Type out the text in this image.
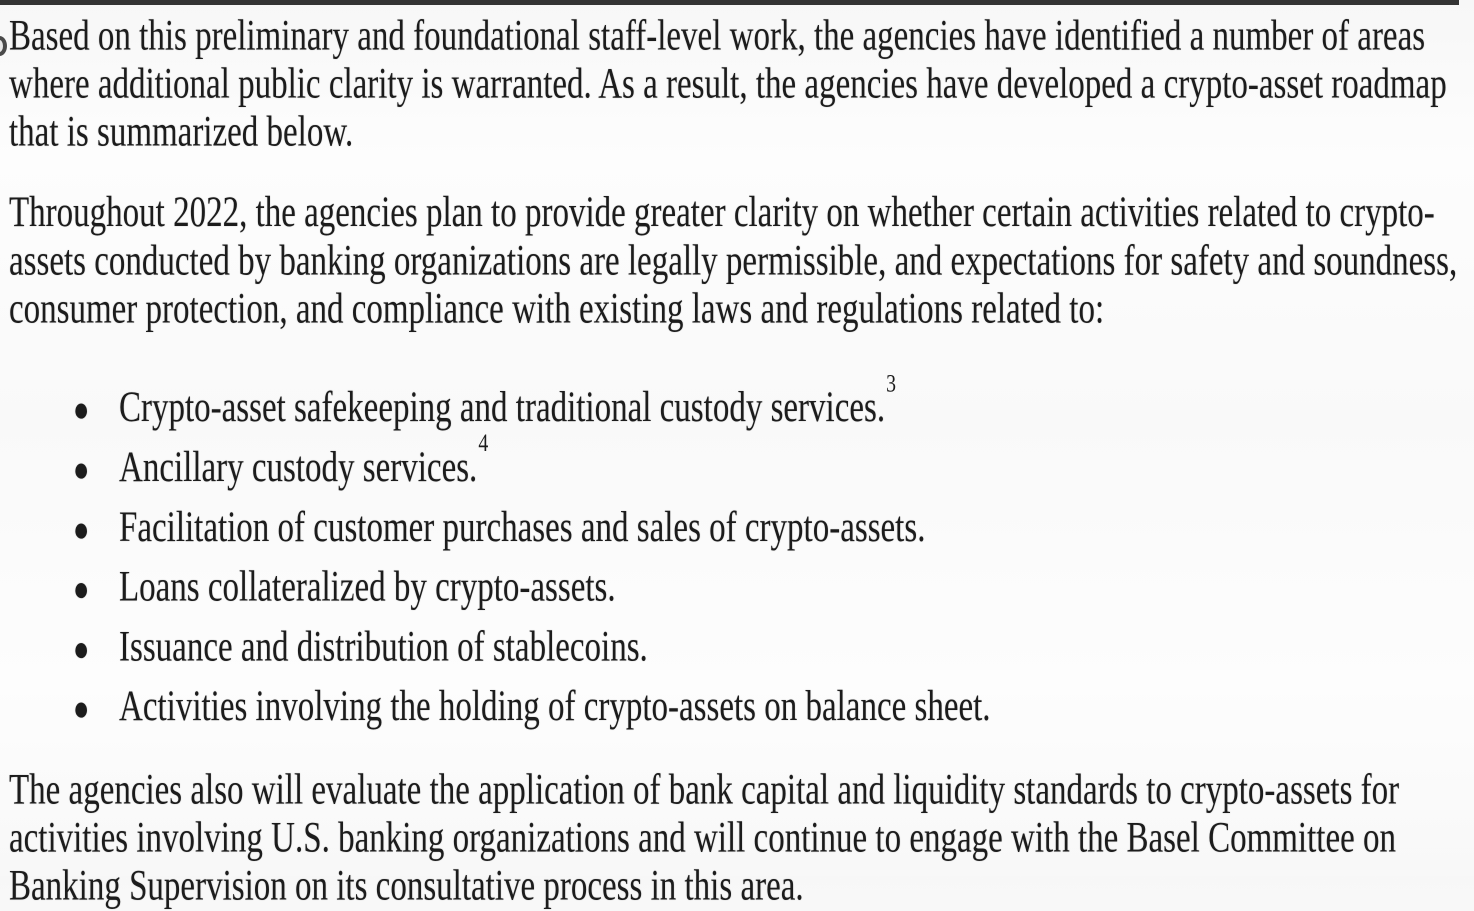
Based on this preliminary and foundational staff-level work, the agencies have identified a number of areas where additional public clarity is warranted. As a result, the agencies have developed a crypto-asset roadmap that is summarized below.

Throughout 2022, the agencies plan to provide greater clarity on whether certain activities related to crypto-assets conducted by banking organizations are legally permissible, and expectations for safety and soundness, consumer protection, and compliance with existing laws and regulations related to:

● Crypto-asset safekeeping and traditional custody services.$^3$
● Ancillary custody services.$^4$
● Facilitation of customer purchases and sales of crypto-assets.
● Loans collateralized by crypto-assets.
● Issuance and distribution of stablecoins.
● Activities involving the holding of crypto-assets on balance sheet.

The agencies also will evaluate the application of bank capital and liquidity standards to crypto-assets for activities involving U.S. banking organizations and will continue to engage with the Basel Committee on Banking Supervision on its consultative process in this area.
